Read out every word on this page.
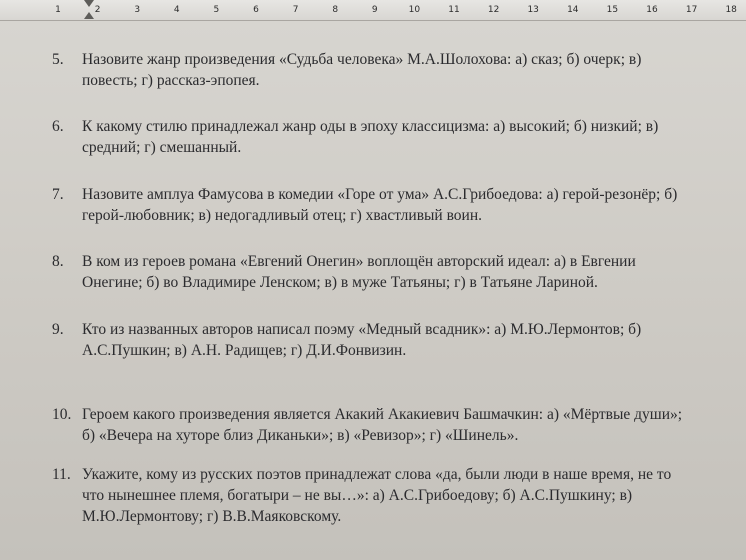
1	2	3	4	5	6	7	8	9	10	11	12	13	14	15	16	17	18
5. Назовите жанр произведения «Судьба человека» М.А.Шолохова: а) сказ; б) очерк; в)
повесть; г) рассказ-эпопея.
6. К какому стилю принадлежал жанр оды в эпоху классицизма: а) высокий; б) низкий; в)
средний; г) смешанный.
7. Назовите амплуа Фамусова в комедии «Горе от ума» А.С.Грибоедова: а) герой-резонёр; б)
герой-любовник; в) недогадливый отец; г) хвастливый воин.
8. В ком из героев романа «Евгений Онегин» воплощён авторский идеал: а) в Евгении
Онегине; б) во Владимире Ленском; в) в муже Татьяны; г) в Татьяне Лариной.
9. Кто из названных авторов написал поэму «Медный всадник»: а) М.Ю.Лермонтов; б)
А.С.Пушкин; в) А.Н. Радищев; г) Д.И.Фонвизин.
10. Героем какого произведения является Акакий Акакиевич Башмачкин: а) «Мёртвые души»;
б) «Вечера на хуторе близ Диканьки»; в) «Ревизор»; г) «Шинель».
11. Укажите, кому из русских поэтов принадлежат слова «да, были люди в наше время, не то
что нынешнее племя, богатыри – не вы…»: а) А.С.Грибоедову; б) А.С.Пушкину; в)
М.Ю.Лермонтову; г) В.В.Маяковскому.
